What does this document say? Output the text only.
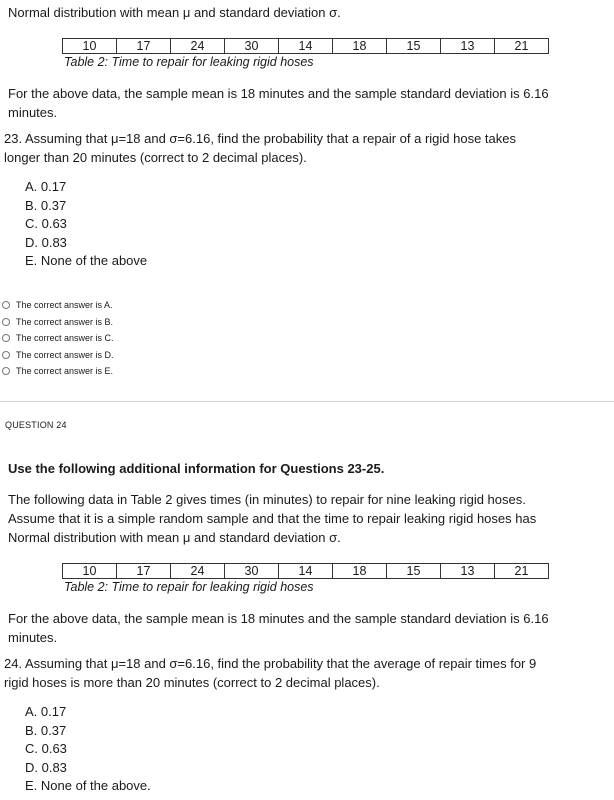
Normal distribution with mean μ and standard deviation σ.
10	17	24	30	14	18	15	13	21
Table 2: Time to repair for leaking rigid hoses
For the above data, the sample mean is 18 minutes and the sample standard deviation is 6.16
minutes.
23. Assuming that μ=18 and σ=6.16, find the probability that a repair of a rigid hose takes
longer than 20 minutes (correct to 2 decimal places).
A. 0.17
B. 0.37
C. 0.63
D. 0.83
E. None of the above
The correct answer is A.
The correct answer is B.
The correct answer is C.
The correct answer is D.
The correct answer is E.
QUESTION 24
Use the following additional information for Questions 23-25.
The following data in Table 2 gives times (in minutes) to repair for nine leaking rigid hoses.
Assume that it is a simple random sample and that the time to repair leaking rigid hoses has
Normal distribution with mean μ and standard deviation σ.
10	17	24	30	14	18	15	13	21
Table 2: Time to repair for leaking rigid hoses
For the above data, the sample mean is 18 minutes and the sample standard deviation is 6.16
minutes.
24. Assuming that μ=18 and σ=6.16, find the probability that the average of repair times for 9
rigid hoses is more than 20 minutes (correct to 2 decimal places).
A. 0.17
B. 0.37
C. 0.63
D. 0.83
E. None of the above.
